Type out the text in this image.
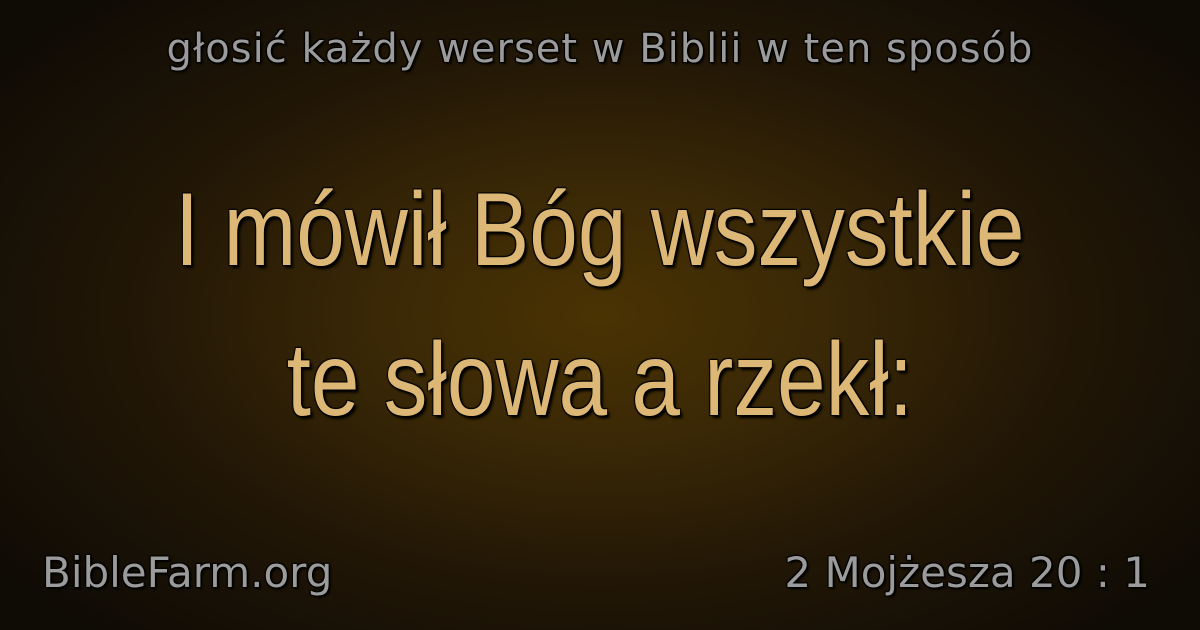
głosić każdy werset w Biblii w ten sposób
I mówił Bóg wszystkie
te słowa a rzekł:
BibleFarm.org	2 Mojżesza 20 : 1
